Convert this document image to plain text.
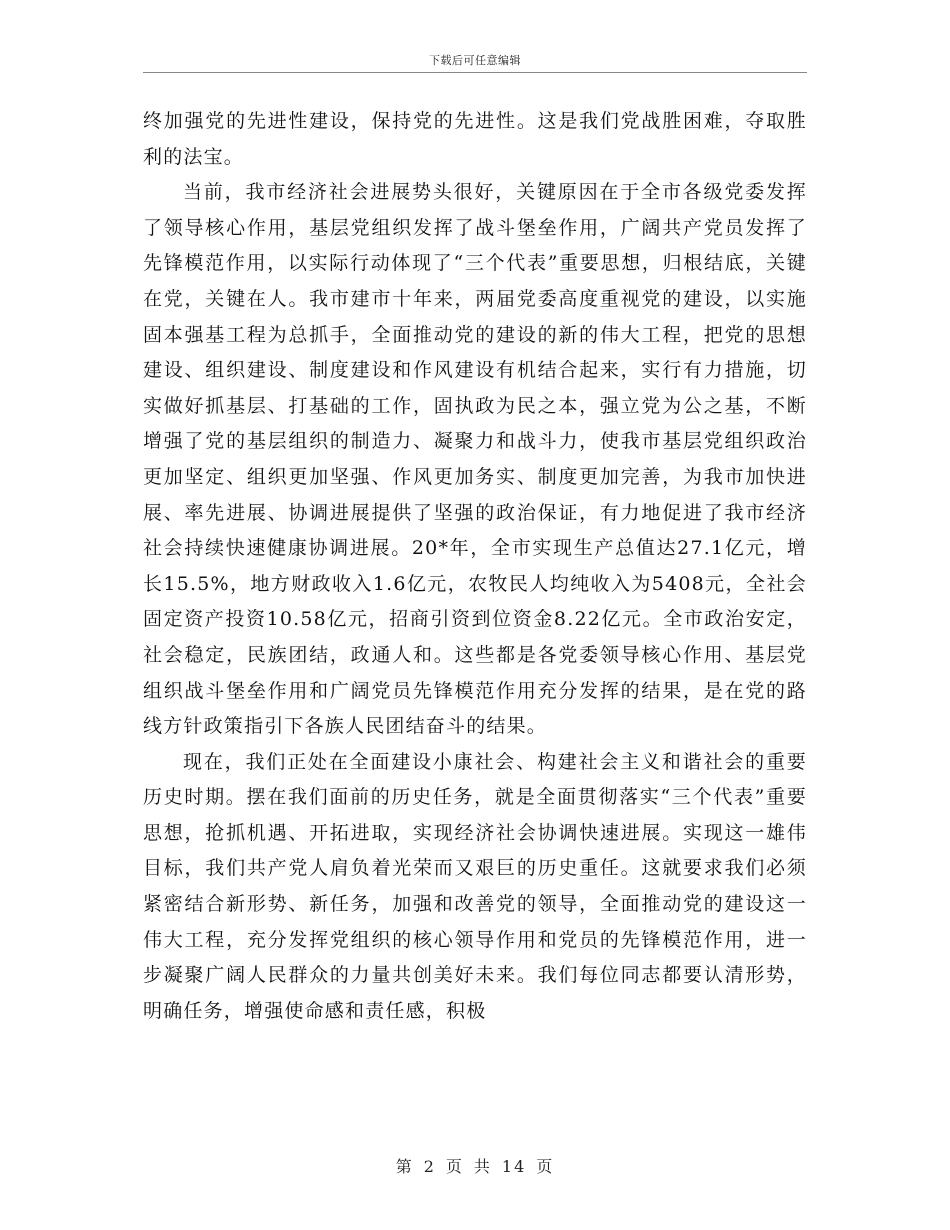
下载后可任意编辑

终加强党的先进性建设，保持党的先进性。这是我们党战胜困难，夺取胜利的法宝。

当前，我市经济社会进展势头很好，关键原因在于全市各级党委发挥了领导核心作用，基层党组织发挥了战斗堡垒作用，广阔共产党员发挥了先锋模范作用，以实际行动体现了“三个代表”重要思想，归根结底，关键在党，关键在人。我市建市十年来，两届党委高度重视党的建设，以实施固本强基工程为总抓手，全面推动党的建设的新的伟大工程，把党的思想建设、组织建设、制度建设和作风建设有机结合起来，实行有力措施，切实做好抓基层、打基础的工作，固执政为民之本，强立党为公之基，不断增强了党的基层组织的制造力、凝聚力和战斗力，使我市基层党组织政治更加坚定、组织更加坚强、作风更加务实、制度更加完善，为我市加快进展、率先进展、协调进展提供了坚强的政治保证，有力地促进了我市经济社会持续快速健康协调进展。20*年，全市实现生产总值达27.1亿元，增长15.5%，地方财政收入1.6亿元，农牧民人均纯收入为5408元，全社会固定资产投资10.58亿元，招商引资到位资金8.22亿元。全市政治安定，社会稳定，民族团结，政通人和。这些都是各党委领导核心作用、基层党组织战斗堡垒作用和广阔党员先锋模范作用充分发挥的结果，是在党的路线方针政策指引下各族人民团结奋斗的结果。

现在，我们正处在全面建设小康社会、构建社会主义和谐社会的重要历史时期。摆在我们面前的历史任务，就是全面贯彻落实“三个代表”重要思想，抢抓机遇、开拓进取，实现经济社会协调快速进展。实现这一雄伟目标，我们共产党人肩负着光荣而又艰巨的历史重任。这就要求我们必须紧密结合新形势、新任务，加强和改善党的领导，全面推动党的建设这一伟大工程，充分发挥党组织的核心领导作用和党员的先锋模范作用，进一步凝聚广阔人民群众的力量共创美好未来。我们每位同志都要认清形势，明确任务，增强使命感和责任感，积极

第 2 页 共 14 页
